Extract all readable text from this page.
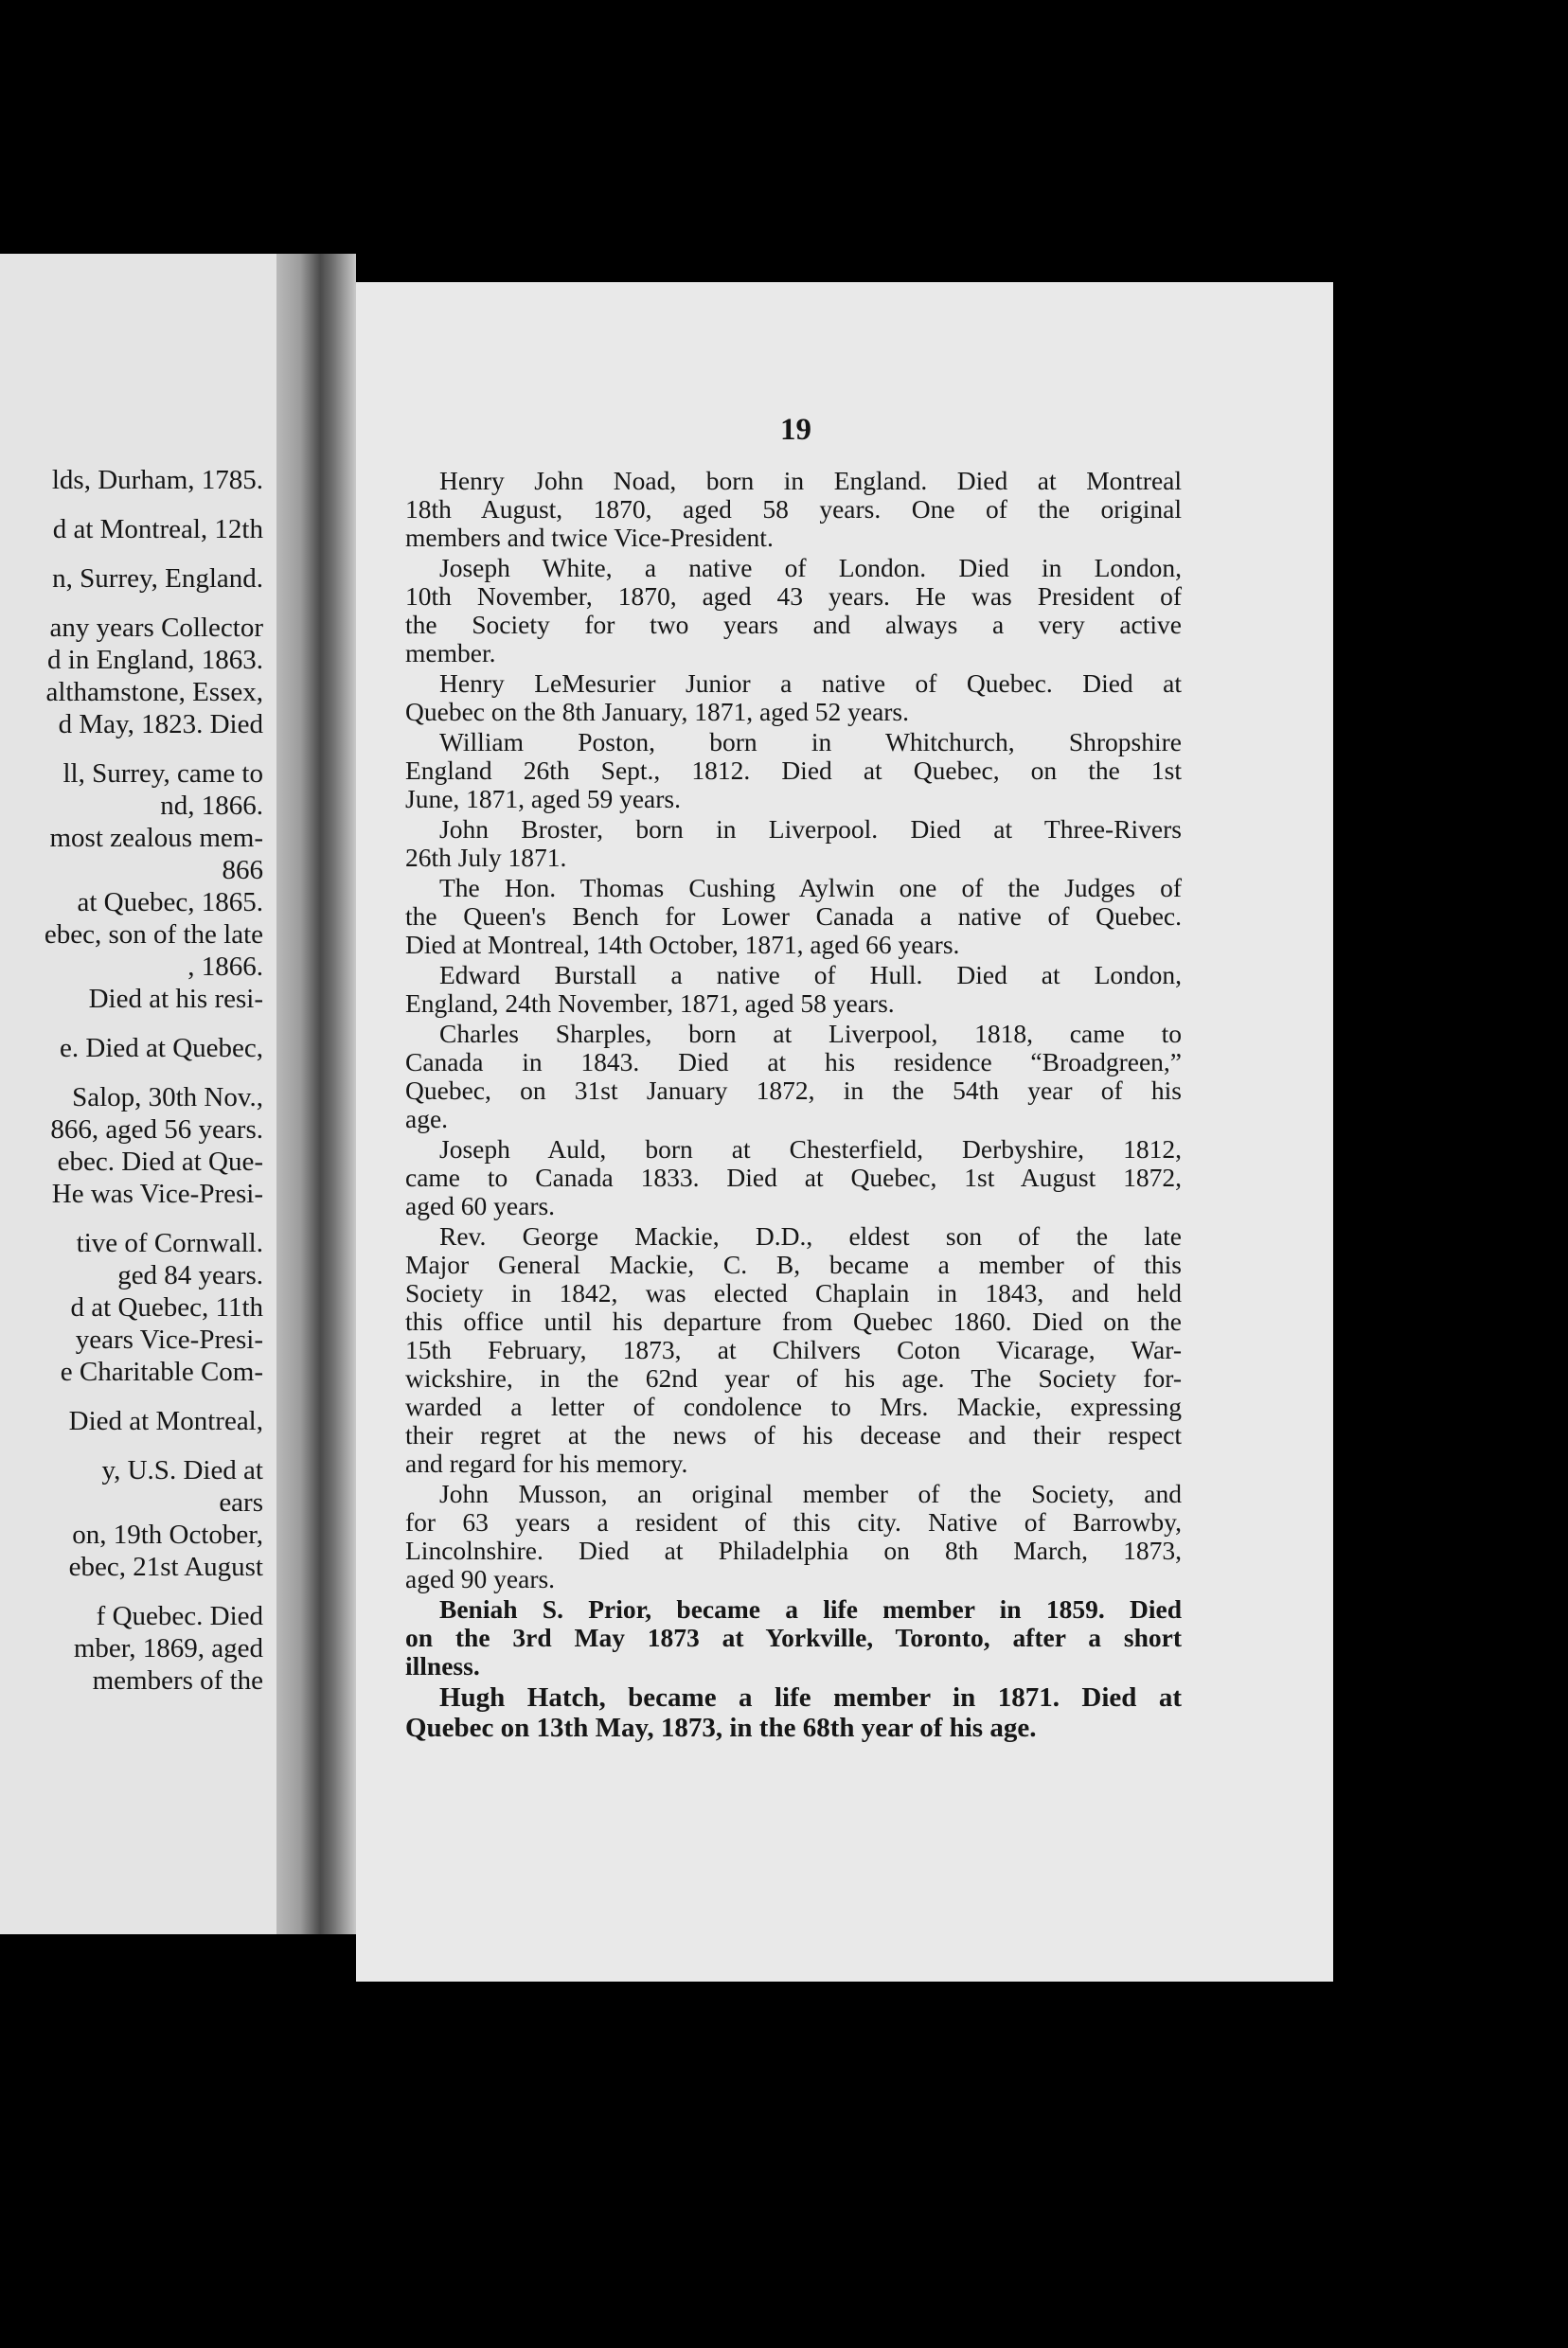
lds, Durham, 1785.
d at Montreal, 12th
n, Surrey, England.
any years Collector
d in England, 1863.
althamstone, Essex,
d May, 1823. Died
ll, Surrey, came to
nd, 1866.
most zealous mem-
866
at Quebec, 1865.
ebec, son of the late
, 1866.
Died at his resi-
e. Died at Quebec,
Salop, 30th Nov.,
866, aged 56 years.
ebec. Died at Que-
He was Vice-Presi-
tive of Cornwall.
ged 84 years.
d at Quebec, 11th
years Vice-Presi-
e Charitable Com-
Died at Montreal,
y, U.S. Died at
ears
on, 19th October,
ebec, 21st August
f Quebec. Died
mber, 1869, aged
members of the
19
Henry John Noad, born in England. Died at Montreal
18th August, 1870, aged 58 years. One of the original
members and twice Vice-President.
Joseph White, a native of London. Died in London,
10th November, 1870, aged 43 years. He was President of
the Society for two years and always a very active
member.
Henry LeMesurier Junior a native of Quebec. Died at
Quebec on the 8th January, 1871, aged 52 years.
William Poston, born in Whitchurch, Shropshire
England 26th Sept., 1812. Died at Quebec, on the 1st
June, 1871, aged 59 years.
John Broster, born in Liverpool. Died at Three-Rivers
26th July 1871.
The Hon. Thomas Cushing Aylwin one of the Judges of
the Queen's Bench for Lower Canada a native of Quebec.
Died at Montreal, 14th October, 1871, aged 66 years.
Edward Burstall a native of Hull. Died at London,
England, 24th November, 1871, aged 58 years.
Charles Sharples, born at Liverpool, 1818, came to
Canada in 1843. Died at his residence “Broadgreen,”
Quebec, on 31st January 1872, in the 54th year of his
age.
Joseph Auld, born at Chesterfield, Derbyshire, 1812,
came to Canada 1833. Died at Quebec, 1st August 1872,
aged 60 years.
Rev. George Mackie, D.D., eldest son of the late
Major General Mackie, C. B, became a member of this
Society in 1842, was elected Chaplain in 1843, and held
this office until his departure from Quebec 1860. Died on the
15th February, 1873, at Chilvers Coton Vicarage, War-
wickshire, in the 62nd year of his age. The Society for-
warded a letter of condolence to Mrs. Mackie, expressing
their regret at the news of his decease and their respect
and regard for his memory.
John Musson, an original member of the Society, and
for 63 years a resident of this city. Native of Barrowby,
Lincolnshire. Died at Philadelphia on 8th March, 1873,
aged 90 years.
Beniah S. Prior, became a life member in 1859. Died
on the 3rd May 1873 at Yorkville, Toronto, after a short
illness.
Hugh Hatch, became a life member in 1871. Died at
Quebec on 13th May, 1873, in the 68th year of his age.
